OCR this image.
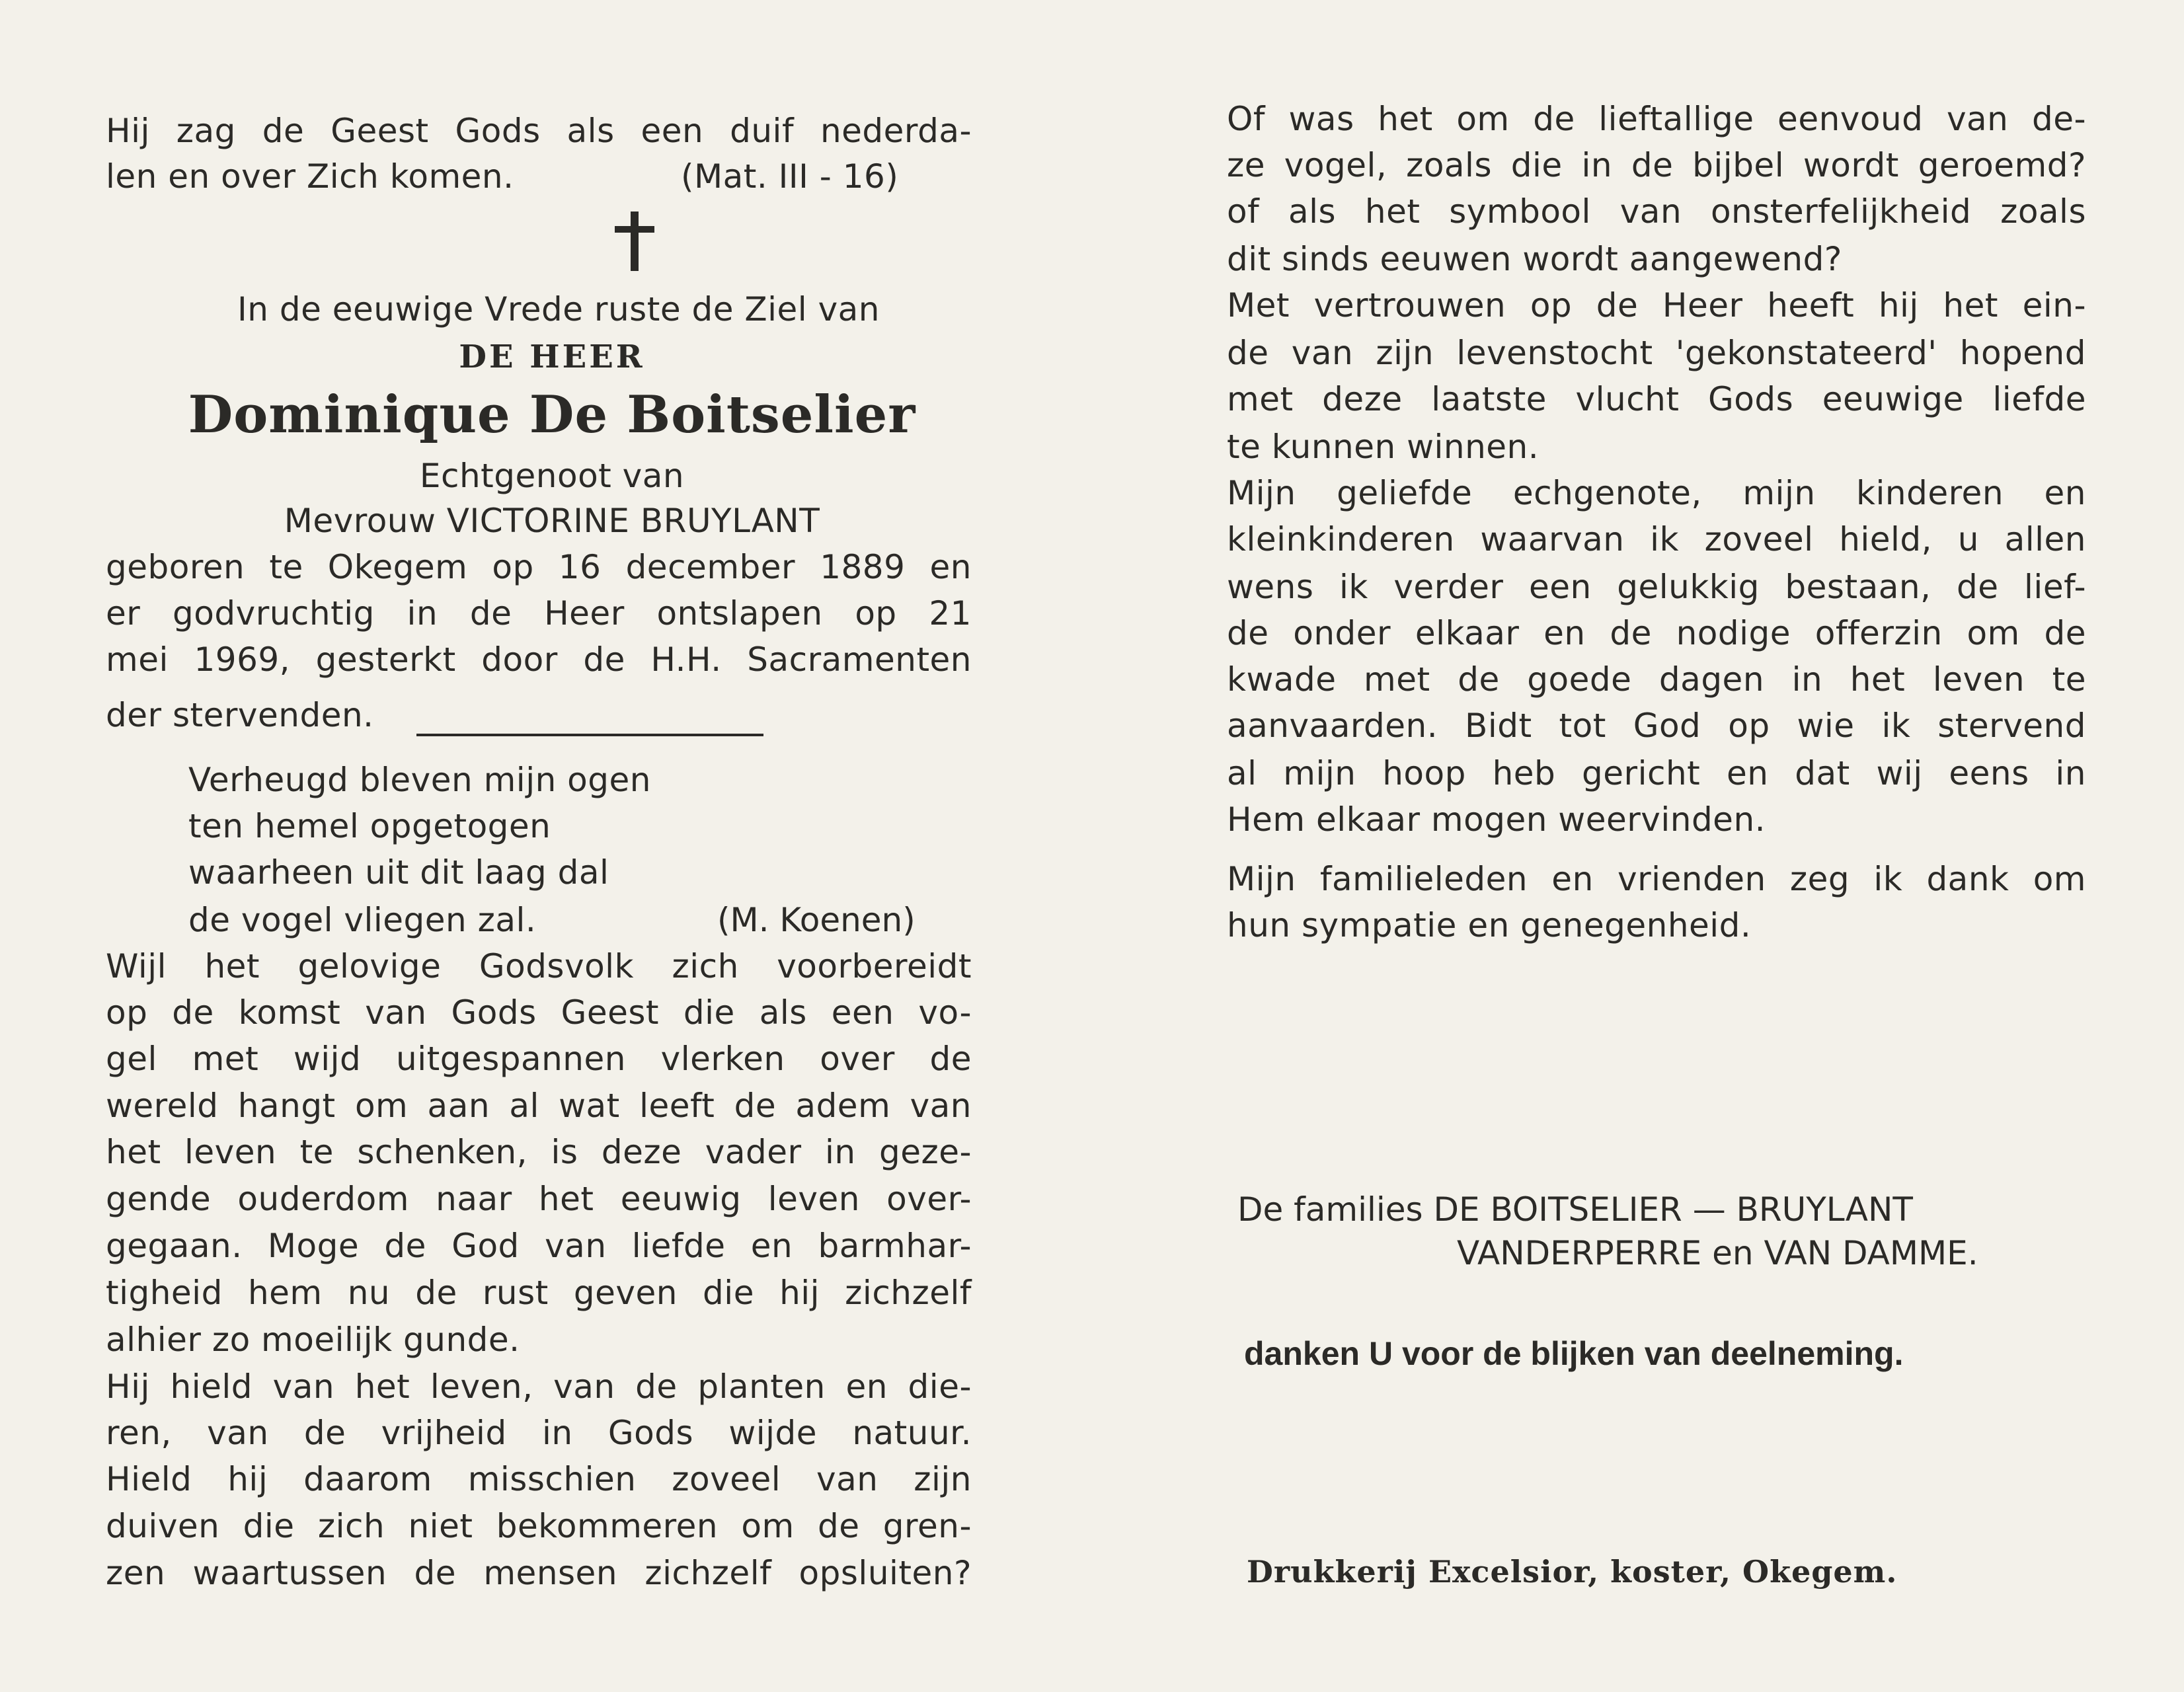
Hij zag de Geest Gods als een duif nederda-
len en over Zich komen.	(Mat. III - 16)
In de eeuwige Vrede ruste de Ziel van
DE HEER
Dominique De Boitselier
Echtgenoot van
Mevrouw VICTORINE BRUYLANT
geboren te Okegem op 16 december 1889 en
er godvruchtig in de Heer ontslapen op 21
mei 1969, gesterkt door de H.H. Sacramenten
der stervenden.
Verheugd bleven mijn ogen
ten hemel opgetogen
waarheen uit dit laag dal
de vogel vliegen zal.	(M. Koenen)
Wijl het gelovige Godsvolk zich voorbereidt
op de komst van Gods Geest die als een vo-
gel met wijd uitgespannen vlerken over de
wereld hangt om aan al wat leeft de adem van
het leven te schenken, is deze vader in geze-
gende ouderdom naar het eeuwig leven over-
gegaan. Moge de God van liefde en barmhar-
tigheid hem nu de rust geven die hij zichzelf
alhier zo moeilijk gunde.
Hij hield van het leven, van de planten en die-
ren, van de vrijheid in Gods wijde natuur.
Hield hij daarom misschien zoveel van zijn
duiven die zich niet bekommeren om de gren-
zen waartussen de mensen zichzelf opsluiten?
Of was het om de lieftallige eenvoud van de-
ze vogel, zoals die in de bijbel wordt geroemd?
of als het symbool van onsterfelijkheid zoals
dit sinds eeuwen wordt aangewend?
Met vertrouwen op de Heer heeft hij het ein-
de van zijn levenstocht 'gekonstateerd' hopend
met deze laatste vlucht Gods eeuwige liefde
te kunnen winnen.
Mijn geliefde echgenote, mijn kinderen en
kleinkinderen waarvan ik zoveel hield, u allen
wens ik verder een gelukkig bestaan, de lief-
de onder elkaar en de nodige offerzin om de
kwade met de goede dagen in het leven te
aanvaarden. Bidt tot God op wie ik stervend
al mijn hoop heb gericht en dat wij eens in
Hem elkaar mogen weervinden.
Mijn familieleden en vrienden zeg ik dank om
hun sympatie en genegenheid.
De families DE BOITSELIER — BRUYLANT
VANDERPERRE en VAN DAMME.
danken U voor de blijken van deelneming.
Drukkerij Excelsior, koster, Okegem.
